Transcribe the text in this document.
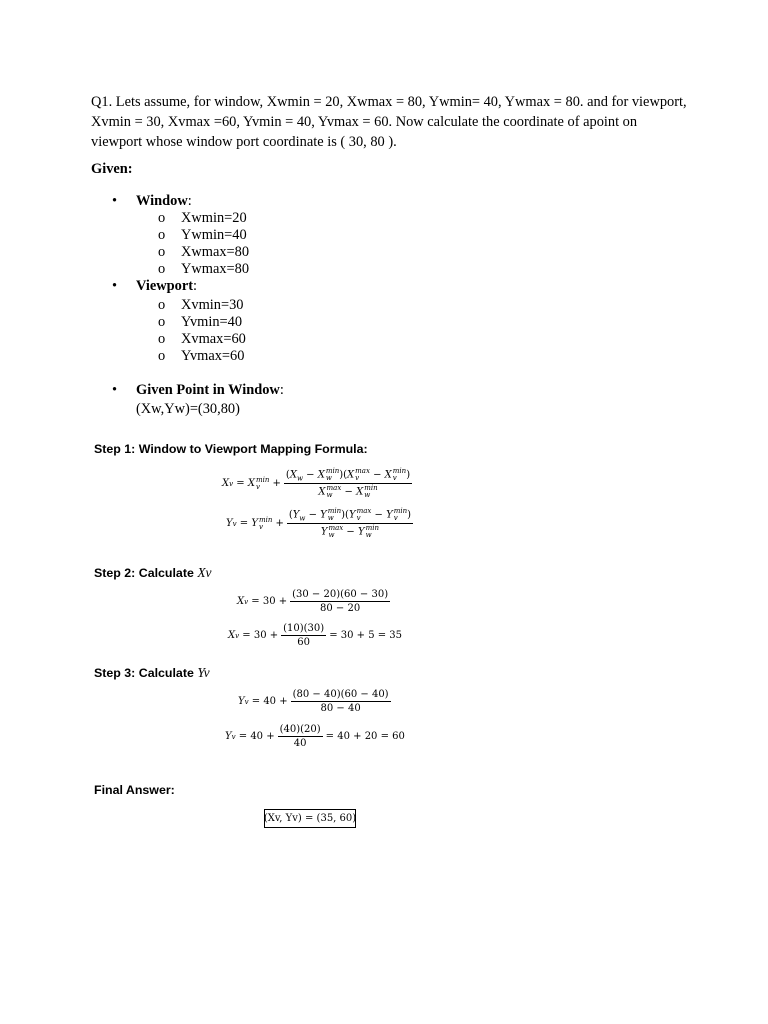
Q1. Lets assume, for window, Xwmin = 20, Xwmax = 80, Ywmin= 40, Ywmax = 80. and for viewport, Xvmin = 30, Xvmax =60, Yvmin = 40, Yvmax = 60. Now calculate the coordinate of apoint on viewport whose window port coordinate is ( 30, 80 ).
Given:
•	Window:
o Xwmin=20
o Ywmin=40
o Xwmax=80
o Ywmax=80
•	Viewport:
o Xvmin=30
o Yvmin=40
o Xvmax=60
o Yvmax=60
•	Given Point in Window:
(Xw,Yw)=(30,80)
Step 1: Window to Viewport Mapping Formula:
X v = X min
$v + (X_w - X$ min
w )(X max
v	− X min
v )
X max
w − X min
w
Y v = Y min
$v + (Y_w - Y$ min
w )(Y max
v	− Y min
v )
Y max
w − Y min
w
Step 2: Calculate Xv
X v
= $30 + \frac{(30 - 20)(60 - 30)}{80 - 20}$
X v
= $30 + \frac{(10)(30)}{60} = 30 + 5 = 35$
Step 3: Calculate Yv
Y v
= $40 + \frac{(80 - 40)(60 - 40)}{80 - 40}$
Y v
= $40 + \frac{(40)(20)}{40} = 40 + 20 = 60$
Final Answer:
(Xv, Yv) = (35, 60)
